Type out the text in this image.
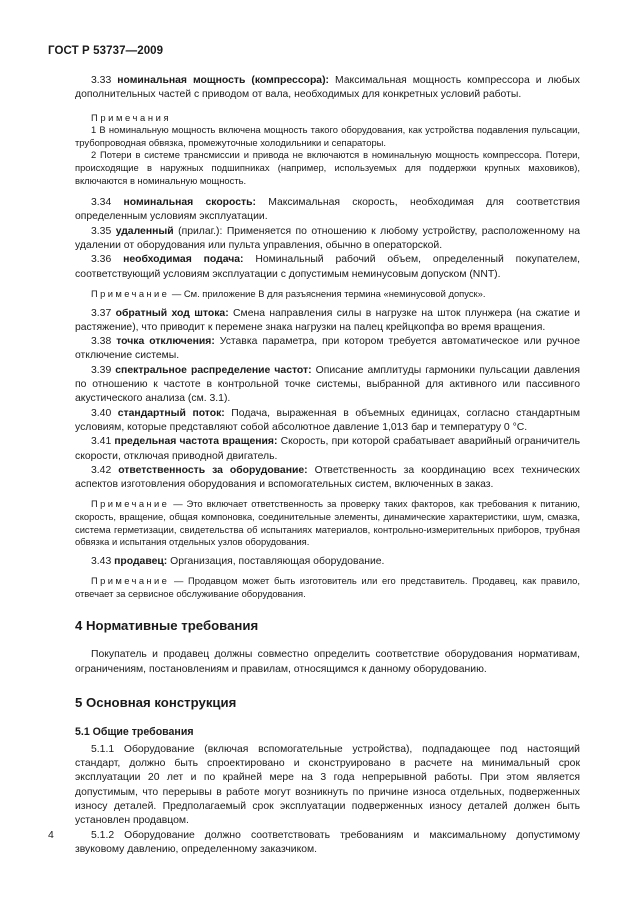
ГОСТ Р 53737—2009

3.33 номинальная мощность (компрессора): Максимальная мощность компрессора и любых дополнительных частей с приводом от вала, необходимых для конкретных условий работы.

Примечания

1 В номинальную мощность включена мощность такого оборудования, как устройства подавления пульсации, трубопроводная обвязка, промежуточные холодильники и сепараторы.

2 Потери в системе трансмиссии и привода не включаются в номинальную мощность компрессора. Потери, происходящие в наружных подшипниках (например, используемых для поддержки крупных маховиков), включаются в номинальную мощность.

3.34 номинальная скорость: Максимальная скорость, необходимая для соответствия определенным условиям эксплуатации.

3.35 удаленный (прилаг.): Применяется по отношению к любому устройству, расположенному на удалении от оборудования или пульта управления, обычно в операторской.

3.36 необходимая подача: Номинальный рабочий объем, определенный покупателем, соответствующий условиям эксплуатации с допустимым неминусовым допуском (NNT).

Примечание — См. приложение В для разъяснения термина «неминусовой допуск».

3.37 обратный ход штока: Смена направления силы в нагрузке на шток плунжера (на сжатие и растяжение), что приводит к перемене знака нагрузки на палец крейцкопфа во время вращения.

3.38 точка отключения: Уставка параметра, при котором требуется автоматическое или ручное отключение системы.

3.39 спектральное распределение частот: Описание амплитуды гармоники пульсации давления по отношению к частоте в контрольной точке системы, выбранной для активного или пассивного акустического анализа (см. 3.1).

3.40 стандартный поток: Подача, выраженная в объемных единицах, согласно стандартным условиям, которые представляют собой абсолютное давление 1,013 бар и температуру 0 °С.

3.41 предельная частота вращения: Скорость, при которой срабатывает аварийный ограничитель скорости, отключая приводной двигатель.

3.42 ответственность за оборудование: Ответственность за координацию всех технических аспектов изготовления оборудования и вспомогательных систем, включенных в заказ.

Примечание — Это включает ответственность за проверку таких факторов, как требования к питанию, скорость, вращение, общая компоновка, соединительные элементы, динамические характеристики, шум, смазка, система герметизации, свидетельства об испытаниях материалов, контрольно-измерительных приборов, трубная обвязка и испытания отдельных узлов оборудования.

3.43 продавец: Организация, поставляющая оборудование.

Примечание — Продавцом может быть изготовитель или его представитель. Продавец, как правило, отвечает за сервисное обслуживание оборудования.

4 Нормативные требования

Покупатель и продавец должны совместно определить соответствие оборудования нормативам, ограничениям, постановлениям и правилам, относящимся к данному оборудованию.

5 Основная конструкция
5.1 Общие требования

5.1.1 Оборудование (включая вспомогательные устройства), подпадающее под настоящий стандарт, должно быть спроектировано и сконструировано в расчете на минимальный срок эксплуатации 20 лет и по крайней мере на 3 года непрерывной работы. При этом является допустимым, что перерывы в работе могут возникнуть по причине износа отдельных, подверженных износу деталей. Предполагаемый срок эксплуатации подверженных износу деталей должен быть установлен продавцом.

5.1.2 Оборудование должно соответствовать требованиям и максимальному допустимому звуковому давлению, определенному заказчиком.

4
